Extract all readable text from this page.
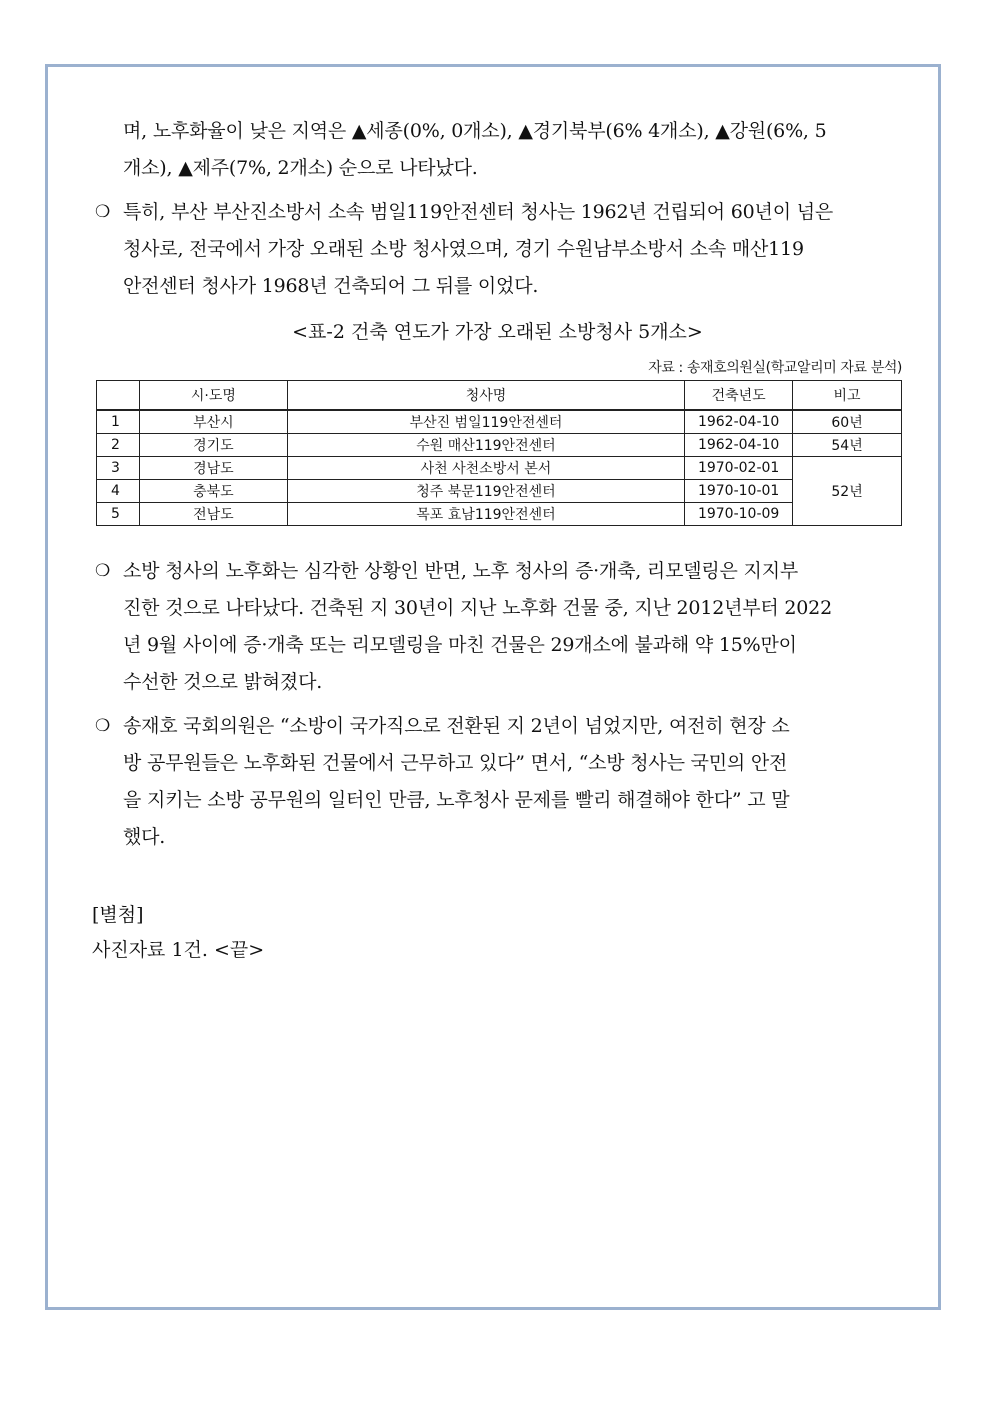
며, 노후화율이 낮은 지역은 ▲세종(0%, 0개소), ▲경기북부(6% 4개소), ▲강원(6%, 5
개소), ▲제주(7%, 2개소) 순으로 나타났다.

❍ 특히, 부산 부산진소방서 소속 범일119안전센터 청사는 1962년 건립되어 60년이 넘은
청사로, 전국에서 가장 오래된 소방 청사였으며, 경기 수원남부소방서 소속 매산119
안전센터 청사가 1968년 건축되어 그 뒤를 이었다.

<표-2 건축 연도가 가장 오래된 소방청사 5개소>
자료 : 송재호의원실(학교알리미 자료 분석)
	시·도명	청사명	건축년도	비고
1	부산시	부산진 범일119안전센터	1962-04-10	60년
2	경기도	수원 매산119안전센터	1962-04-10	54년
3	경남도	사천 사천소방서 본서	1970-02-01	52년
4	충북도	청주 북문119안전센터	1970-10-01	
5	전남도	목포 효남119안전센터	1970-10-09	
❍ 소방 청사의 노후화는 심각한 상황인 반면, 노후 청사의 증·개축, 리모델링은 지지부
진한 것으로 나타났다. 건축된 지 30년이 지난 노후화 건물 중, 지난 2012년부터 2022
년 9월 사이에 증·개축 또는 리모델링을 마친 건물은 29개소에 불과해 약 15%만이
수선한 것으로 밝혀졌다.

❍ 송재호 국회의원은 “소방이 국가직으로 전환된 지 2년이 넘었지만, 여전히 현장 소
방 공무원들은 노후화된 건물에서 근무하고 있다” 면서, “소방 청사는 국민의 안전
을 지키는 소방 공무원의 일터인 만큼, 노후청사 문제를 빨리 해결해야 한다” 고 말
했다.

[별첨]
사진자료 1건. <끝>
